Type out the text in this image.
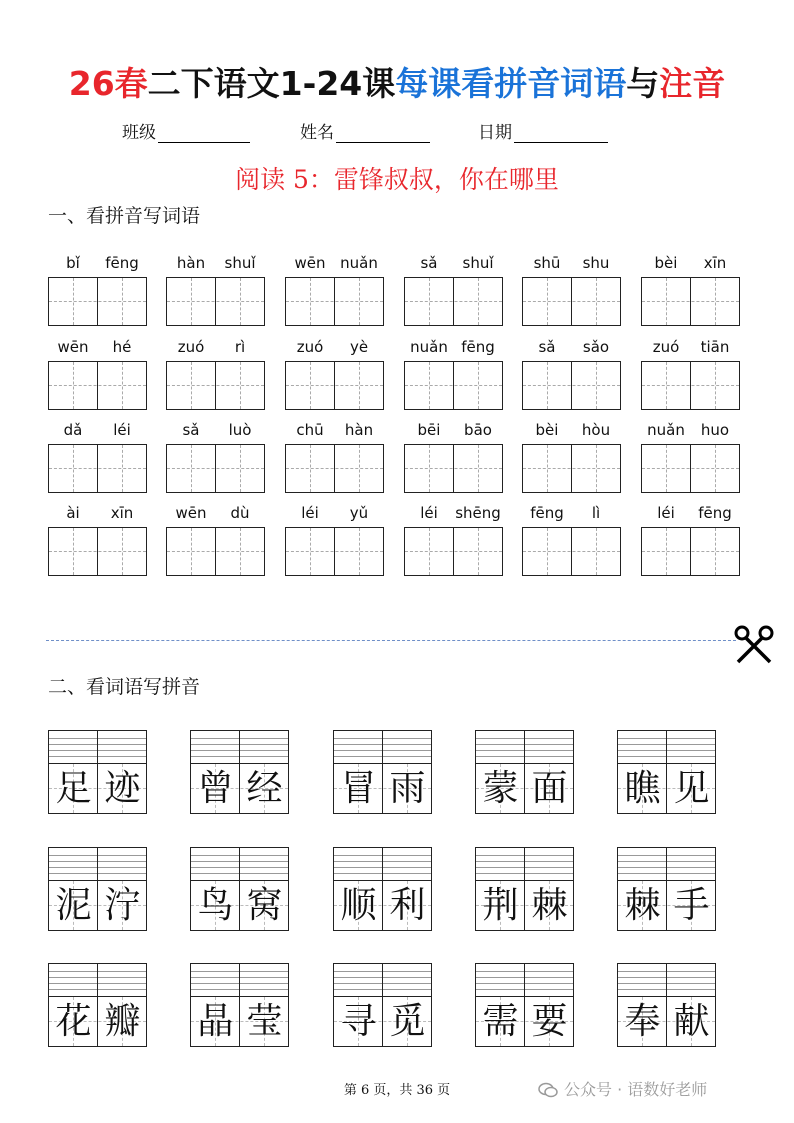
26春二下语文1-24课每课看拼音词语与注音
班级	姓名	日期
阅读 5：雷锋叔叔，你在哪里
一、看拼音写词语
bǐ	fēng	hàn	shuǐ	wēn nuǎn	sǎ	shuǐ	shū	shu	bèi	xīn
wēn	hé	zuó	rì	zuó	yè	nuǎn fēng	sǎ	sǎo	zuó	tiān
dǎ	léi	sǎ	luò	chū	hàn	bēi	bāo	bèi	hòu	nuǎn	huo
ài	xīn	wēn	dù	léi	yǔ	léi	shēng	fēng	lì	léi	fēng
二、看词语写拼音
足 迹 曾 经 冒 雨 蒙 面 瞧 见
泥 泞 鸟 窝 顺 利 荆 棘 棘 手
花 瓣 晶 莹 寻 觅 需 要 奉 献
第 6 页，共 36 页	公众号 · 语数好老师
